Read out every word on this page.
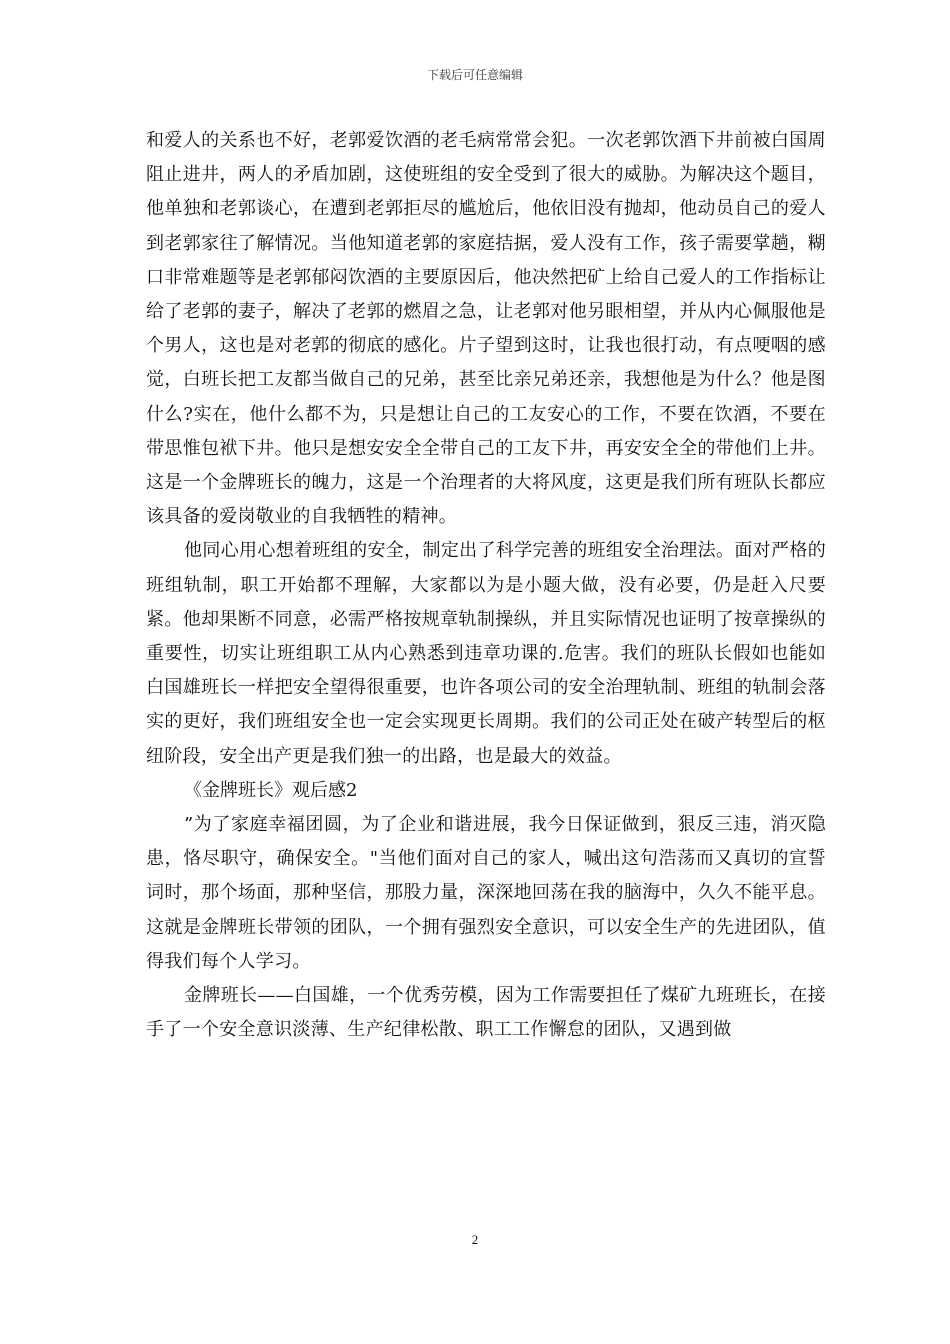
下载后可任意编辑

和爱人的关系也不好，老郭爱饮酒的老毛病常常会犯。一次老郭饮酒下井前被白国周阻止进井，两人的矛盾加剧，这使班组的安全受到了很大的威胁。为解决这个题目，他单独和老郭谈心，在遭到老郭拒尽的尴尬后，他依旧没有抛却，他动员自己的爱人到老郭家往了解情况。当他知道老郭的家庭拮据，爱人没有工作，孩子需要掌趟，糊口非常难题等是老郭郁闷饮酒的主要原因后，他决然把矿上给自己爱人的工作指标让给了老郭的妻子，解决了老郭的燃眉之急，让老郭对他另眼相望，并从内心佩服他是个男人，这也是对老郭的彻底的感化。片子望到这时，让我也很打动，有点哽咽的感觉，白班长把工友都当做自己的兄弟，甚至比亲兄弟还亲，我想他是为什么？他是图什么?实在，他什么都不为，只是想让自己的工友安心的工作，不要在饮酒，不要在带思惟包袱下井。他只是想安安全全带自己的工友下井，再安安全全的带他们上井。这是一个金牌班长的魄力，这是一个治理者的大将风度，这更是我们所有班队长都应该具备的爱岗敬业的自我牺牲的精神。

他同心用心想着班组的安全，制定出了科学完善的班组安全治理法。面对严格的班组轨制，职工开始都不理解，大家都以为是小题大做，没有必要，仍是赶入尺要紧。他却果断不同意，必需严格按规章轨制操纵，并且实际情况也证明了按章操纵的重要性，切实让班组职工从内心熟悉到违章功课的.危害。我们的班队长假如也能如白国雄班长一样把安全望得很重要，也许各项公司的安全治理轨制、班组的轨制会落实的更好，我们班组安全也一定会实现更长周期。我们的公司正处在破产转型后的枢纽阶段，安全出产更是我们独一的出路，也是最大的效益。

《金牌班长》观后感2

”为了家庭幸福团圆，为了企业和谐进展，我今日保证做到，狠反三违，消灭隐患，恪尽职守，确保安全。"当他们面对自己的家人，喊出这句浩荡而又真切的宣誓词时，那个场面，那种坚信，那股力量，深深地回荡在我的脑海中，久久不能平息。这就是金牌班长带领的团队，一个拥有强烈安全意识，可以安全生产的先进团队，值得我们每个人学习。

金牌班长——白国雄，一个优秀劳模，因为工作需要担任了煤矿九班班长，在接手了一个安全意识淡薄、生产纪律松散、职工工作懈怠的团队，又遇到做

2
